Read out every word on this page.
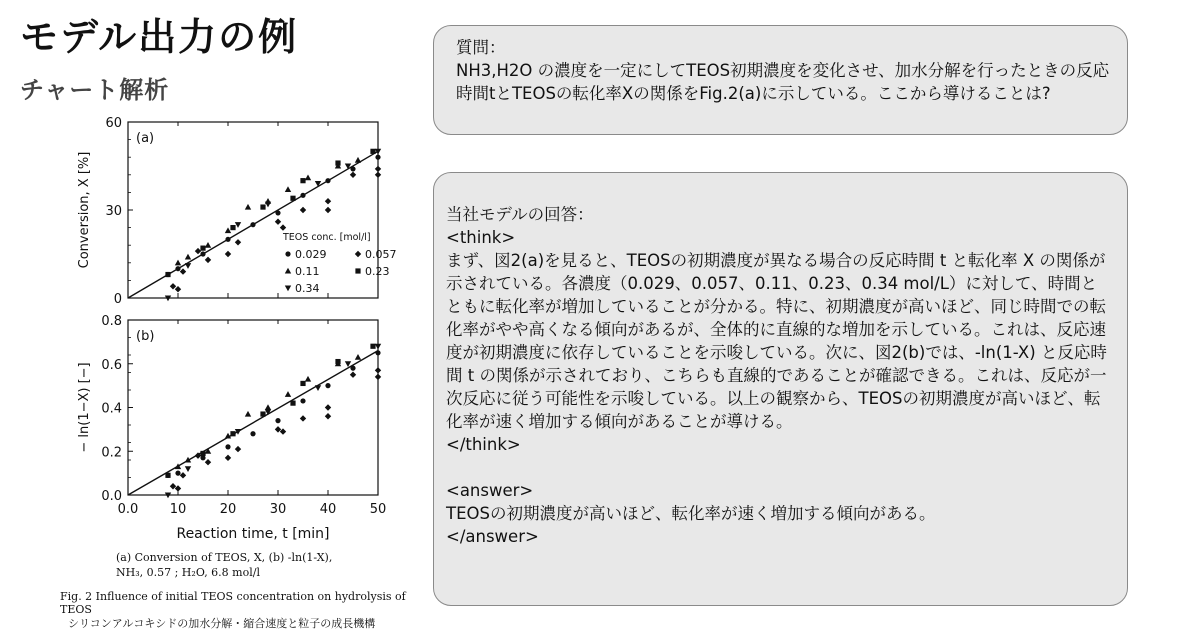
モデル出力の例
チャート解析
0
30
60
(a)
Conversion, X [%]
0.0
0.2
0.4
0.6
0.8
0.0 10	20	30	40	50
(b)
− ln(1−X) [−]
Reaction time, t [min]
TEOS conc. [mol/l]
0.029	0.057
0.11	0.23
0.34
(a) Conversion of TEOS, X, (b) -ln(1-X),
NH₃, 0.57 ; H₂O, 6.8 mol/l
Fig. 2 Influence of initial TEOS concentration on hydrolysis of TEOS
シリコンアルコキシドの加水分解・縮合速度と粒子の成長機構

質問：

NH3,H2O の濃度を一定にしてTEOS初期濃度を変化させ、加水分解を行ったときの反応時間tとTEOSの転化率Xの関係をFig.2(a)に示している。ここから導けることは?

当社モデルの回答：

<think>

まず、図2(a)を見ると、TEOSの初期濃度が異なる場合の反応時間 t と転化率 X の関係が示されている。各濃度（0.029、0.057、0.11、0.23、0.34 mol/L）に対して、時間とともに転化率が増加していることが分かる。特に、初期濃度が高いほど、同じ時間での転化率がやや高くなる傾向があるが、全体的に直線的な増加を示している。これは、反応速度が初期濃度に依存していることを示唆している。次に、図2(b)では、-ln(1-X) と反応時間 t の関係が示されており、こちらも直線的であることが確認できる。これは、反応が一次反応に従う可能性を示唆している。以上の観察から、TEOSの初期濃度が高いほど、転化率が速く増加する傾向があることが導ける。

</think>

<answer>

TEOSの初期濃度が高いほど、転化率が速く増加する傾向がある。

</answer>
